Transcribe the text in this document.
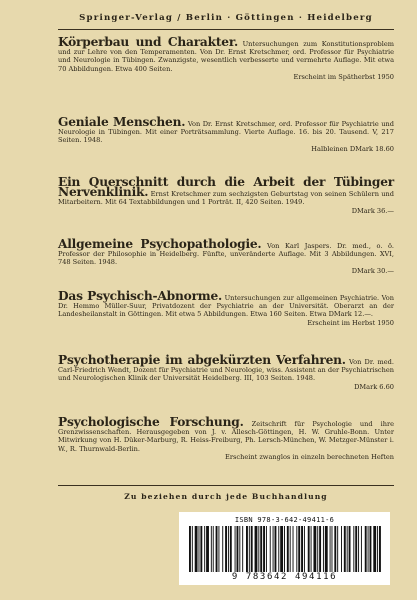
Springer-Verlag / Berlin · Göttingen · Heidelberg
Körperbau und Charakter. Untersuchungen zum Konstitutionsproblem und zur Lehre von den Temperamenten. Von Dr. Ernst Kretschmer, ord. Professor für Psychiatrie und Neurologie in Tübingen. Zwanzigste, wesentlich verbesserte und vermehrte Auflage. Mit etwa 70 Abbildungen. Etwa 400 Seiten.
Erscheint im Spätherbst 1950
Geniale Menschen. Von Dr. Ernst Kretschmer, ord. Professor für Psychiatrie und Neurologie in Tübingen. Mit einer Porträtsammlung. Vierte Auflage. 16. bis 20. Tausend. V, 217 Seiten. 1948.
Halbleinen DMark 18.60
Ein Querschnitt durch die Arbeit der Tübinger Nervenklinik. Ernst Kretschmer zum sechzigsten Geburtstag von seinen Schülern und Mitarbeitern. Mit 64 Textabbildungen und 1 Porträt. II, 420 Seiten. 1949.
DMark 36.—
Allgemeine Psychopathologie. Von Karl Jaspers. Dr. med., o. ö. Professor der Philosophie in Heidelberg. Fünfte, unveränderte Auflage. Mit 3 Abbildungen. XVI, 748 Seiten. 1948.
DMark 30.—
Das Psychisch-Abnorme. Untersuchungen zur allgemeinen Psychiatrie. Von Dr. Hemmo Müller-Suur, Privatdozent der Psychiatrie an der Universität. Oberarzt an der Landesheilanstalt in Göttingen. Mit etwa 5 Abbildungen. Etwa 160 Seiten. Etwa DMark 12.—.
Erscheint im Herbst 1950
Psychotherapie im abgekürzten Verfahren. Von Dr. med. Carl-Friedrich Wendt, Dozent für Psychiatrie und Neurologie, wiss. Assistent an der Psychiatrischen und Neurologischen Klinik der Universität Heidelberg. III, 103 Seiten. 1948.
DMark 6.60
Psychologische Forschung. Zeitschrift für Psychologie und ihre Grenzwissenschaften. Herausgegeben von J. v. Allesch-Göttingen, H. W. Gruhle-Bonn. Unter Mitwirkung von H. Düker-Marburg, R. Heiss-Freiburg, Ph. Lersch-München, W. Metzger-Münster i. W., R. Thurnwald-Berlin.
Erscheint zwanglos in einzeln berechneten Heften
Zu beziehen durch jede Buchhandlung
ISBN 978-3-642-49411-6
9 783642 494116
